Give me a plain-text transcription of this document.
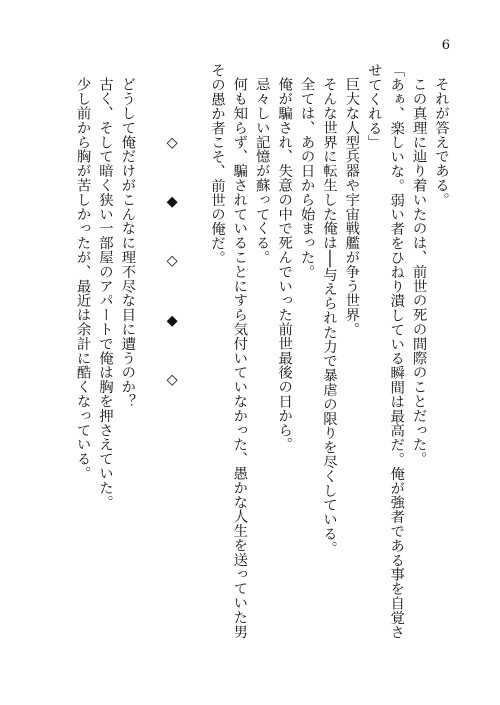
6
それが答えである。
この真理に辿り着いたのは、前世の死の間際のことだった。
「あぁ、楽しいな。弱い者をひねり潰している瞬間は最高だ。俺が強者である事を自覚さ
せてくれる」
巨大な人型兵器や宇宙戦艦が争う世界。
そんな世界に転生した俺は──与えられた力で暴虐の限りを尽くしている。
全ては、あの日から始まった。
俺が騙され、失意の中で死んでいった前世最後の日から。
忌々しい記憶が蘇ってくる。
何も知らず、騙されていることにすら気付いていなかった、愚かな人生を送っていた男
その愚か者こそ、前世の俺だ。
◇◆◇◆◇
どうして俺だけがこんなに理不尽な目に遭うのか？
古く、そして暗く狭い一部屋のアパートで俺は胸を押さえていた。
少し前から胸が苦しかったが、最近は余計に酷くなっている。
